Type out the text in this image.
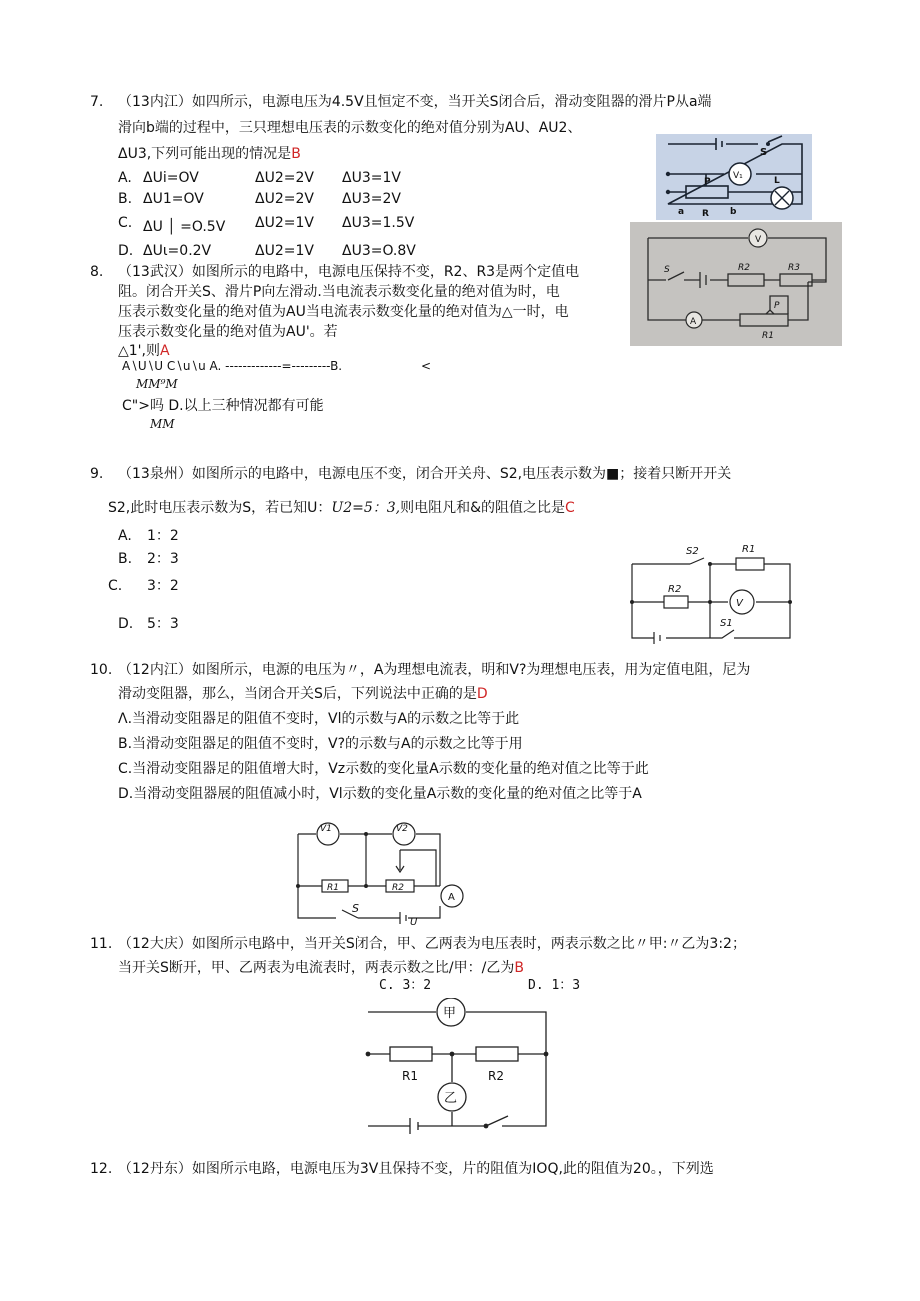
7. （13内江）如四所示，电源电压为4.5V且恒定不变，当开关S闭合后，滑动变阻器的滑片P从a端
滑向b端的过程中，三只理想电压表的示数变化的绝对值分别为AU、AU2、
ΔU3,下列可能出现的情况是B
A. ΔUi=OV	ΔU2=2V ΔU3=1V
B. ΔU1=OV	ΔU2=2V ΔU3=2V
C. ΔU │ =O.5V ΔU2=1V ΔU3=1.5V
D. ΔUι=0.2V	ΔU2=1V ΔU3=O.8V
S
V₁
P	L
a R b
8. （13武汉）如图所示的电路中，电源电压保持不变，R2、R3是两个定值电
阻。闭合开关S、滑片P向左滑动.当电流表示数变化量的绝对值为时，电
压表示数变化量的绝对值为AU当电流表示数变化量的绝对值为△一时，电
压表示数变化量的绝对值为AU'。若
△1',则A
A∖U∖U C∖u∖u A. -------------=---------B.	<
MM⁹M
C">吗 D.以上三种情况都有可能
MM
V
S	R2	R3
A
P
R1
9. （13泉州）如图所示的电路中，电源电压不变，闭合开关舟、S2,电压表示数为■；接着只断开开关
S2,此时电压表示数为S，若已知U：U2=5：3,则电阻凡和&的阻值之比是C
A. 1：2
B. 2：3
C. 3：2
D. 5：3
S2	R1
R2
V
S1
10. （12内江）如图所示，电源的电压为〃，A为理想电流表，明和V?为理想电压表，用为定值电阻，尼为
滑动变阻器，那么，当闭合开关S后，下列说法中正确的是D
Λ.当滑动变阻器足的阻值不变时，Vl的示数与A的示数之比等于此
B.当滑动变阻器足的阻值不变时，V?的示数与A的示数之比等于用
C.当滑动变阻器足的阻值增大时，Vz示数的变化量A示数的变化量的绝对值之比等于此
D.当滑动变阻器展的阻值减小时，Vl示数的变化量A示数的变化量的绝对值之比等于A
V1	V2
R1	R2
A
S
U
11. （12大庆）如图所示电路中，当开关S闭合，甲、乙两表为电压表时，两表示数之比〃甲:〃乙为3:2；
当开关S断开，甲、乙两表为电流表时，两表示数之比/甲：/乙为B
C. 3：2	D. 1：3
甲
乙
R1	R2
12. （12丹东）如图所示电路，电源电压为3V且保持不变，片的阻值为IOQ,此的阻值为20。，下列选
